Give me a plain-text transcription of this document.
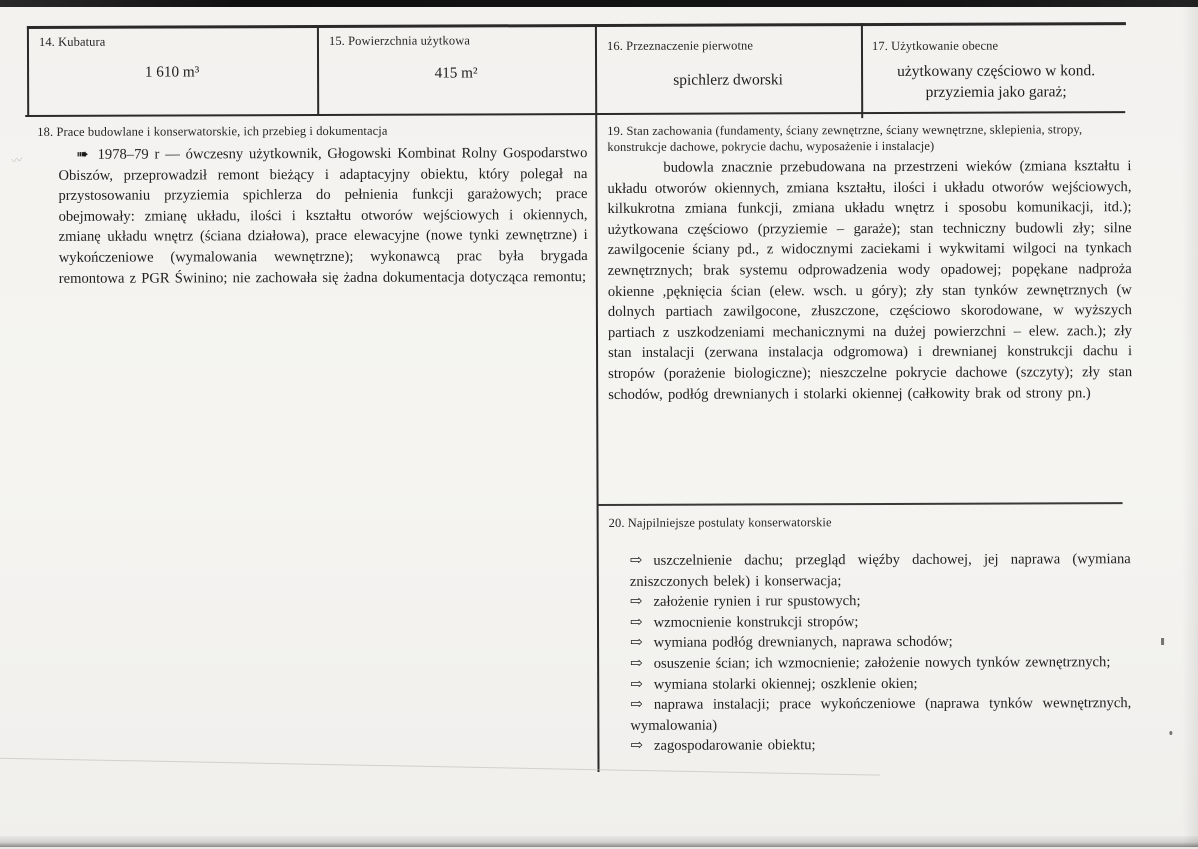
14. Kubatura
1 610 m³
15. Powierzchnia użytkowa
415 m²
16. Przeznaczenie pierwotne
spichlerz dworski
17. Użytkowanie obecne
użytkowany częściowo w kond. przyziemia jako garaż;
18. Prace budowlane i konserwatorskie, ich przebieg i dokumentacja
➠ 1978–79 r — ówczesny użytkownik, Głogowski Kombinat Rolny Gospodarstwo Obiszów, przeprowadził remont bieżący i adaptacyjny obiektu, który polegał na przystosowaniu przyziemia spichlerza do pełnienia funkcji garażowych; prace obejmowały: zmianę układu, ilości i kształtu otworów wejściowych i okiennych, zmianę układu wnętrz (ściana działowa), prace elewacyjne (nowe tynki zewnętrzne) i wykończeniowe (wymalowania wewnętrzne); wykonawcą prac była brygada remontowa z PGR Świnino; nie zachowała się żadna dokumentacja dotycząca remontu;
19. Stan zachowania (fundamenty, ściany zewnętrzne, ściany wewnętrzne, sklepienia, stropy, konstrukcje dachowe, pokrycie dachu, wyposażenie i instalacje)
budowla znacznie przebudowana na przestrzeni wieków (zmiana kształtu i układu otworów okiennych, zmiana kształtu, ilości i układu otworów wejściowych, kilkukrotna zmiana funkcji, zmiana układu wnętrz i sposobu komunikacji, itd.); użytkowana częściowo (przyziemie – garaże); stan techniczny budowli zły; silne zawilgocenie ściany pd., z widocznymi zaciekami i wykwitami wilgoci na tynkach zewnętrznych; brak systemu odprowadzenia wody opadowej; popękane nadproża okienne ,pęknięcia ścian (elew. wsch. u góry); zły stan tynków zewnętrznych (w dolnych partiach zawilgocone, złuszczone, częściowo skorodowane, w wyższych partiach z uszkodzeniami mechanicznymi na dużej powierzchni – elew. zach.); zły stan instalacji (zerwana instalacja odgromowa) i drewnianej konstrukcji dachu i stropów (porażenie biologiczne); nieszczelne pokrycie dachowe (szczyty); zły stan schodów, podłóg drewnianych i stolarki okiennej (całkowity brak od strony pn.)
20. Najpilniejsze postulaty konserwatorskie
⇨ uszczelnienie dachu; przegląd więźby dachowej, jej naprawa (wymiana zniszczonych belek) i konserwacja;
⇨ założenie rynien i rur spustowych;
⇨ wzmocnienie konstrukcji stropów;
⇨ wymiana podłóg drewnianych, naprawa schodów;
⇨ osuszenie ścian; ich wzmocnienie; założenie nowych tynków zewnętrznych;
⇨ wymiana stolarki okiennej; oszklenie okien;
⇨ naprawa instalacji; prace wykończeniowe (naprawa tynków wewnętrznych, wymalowania)
⇨ zagospodarowanie obiektu;
〰︎
